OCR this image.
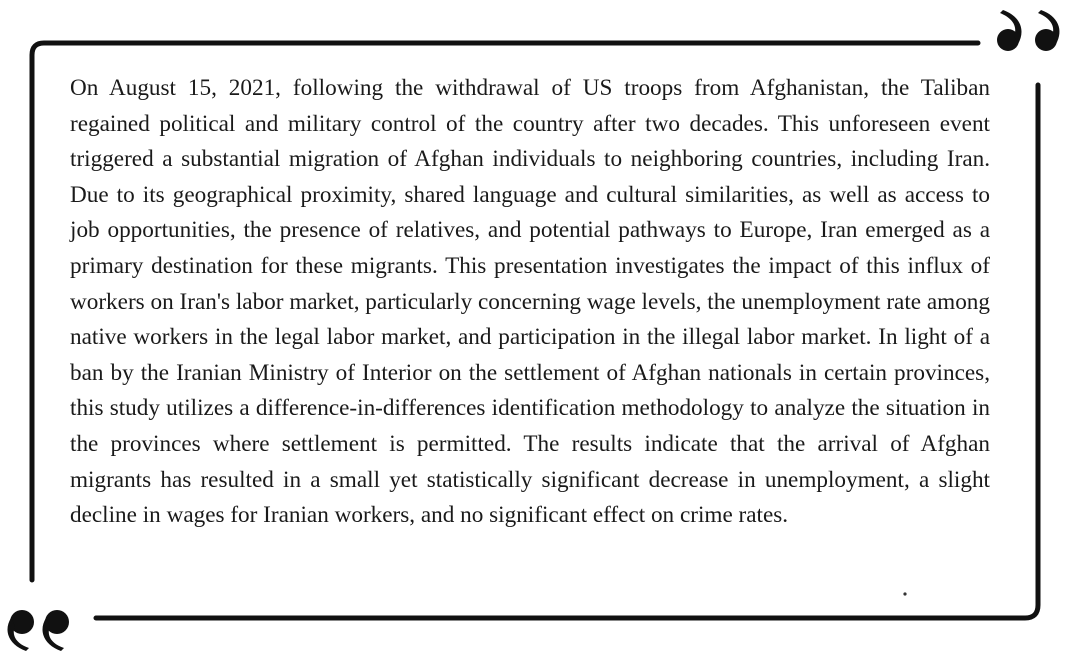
On August 15, 2021, following the withdrawal of US troops from Afghanistan, the Taliban regained political and military control of the country after two decades. This unforeseen event triggered a substantial migration of Afghan individuals to neighboring countries, including Iran. Due to its geographical proximity, shared language and cultural similarities, as well as access to job opportunities, the presence of relatives, and potential pathways to Europe, Iran emerged as a primary destination for these migrants. This presentation investigates the impact of this influx of workers on Iran's labor market, particularly concerning wage levels, the unemployment rate among native workers in the legal labor market, and participation in the illegal labor market. In light of a ban by the Iranian Ministry of Interior on the settlement of Afghan nationals in certain provinces, this study utilizes a difference-in-differences identification methodology to analyze the situation in the provinces where settlement is permitted. The results indicate that the arrival of Afghan migrants has resulted in a small yet statistically significant decrease in unemployment, a slight decline in wages for Iranian workers, and no significant effect on crime rates.
